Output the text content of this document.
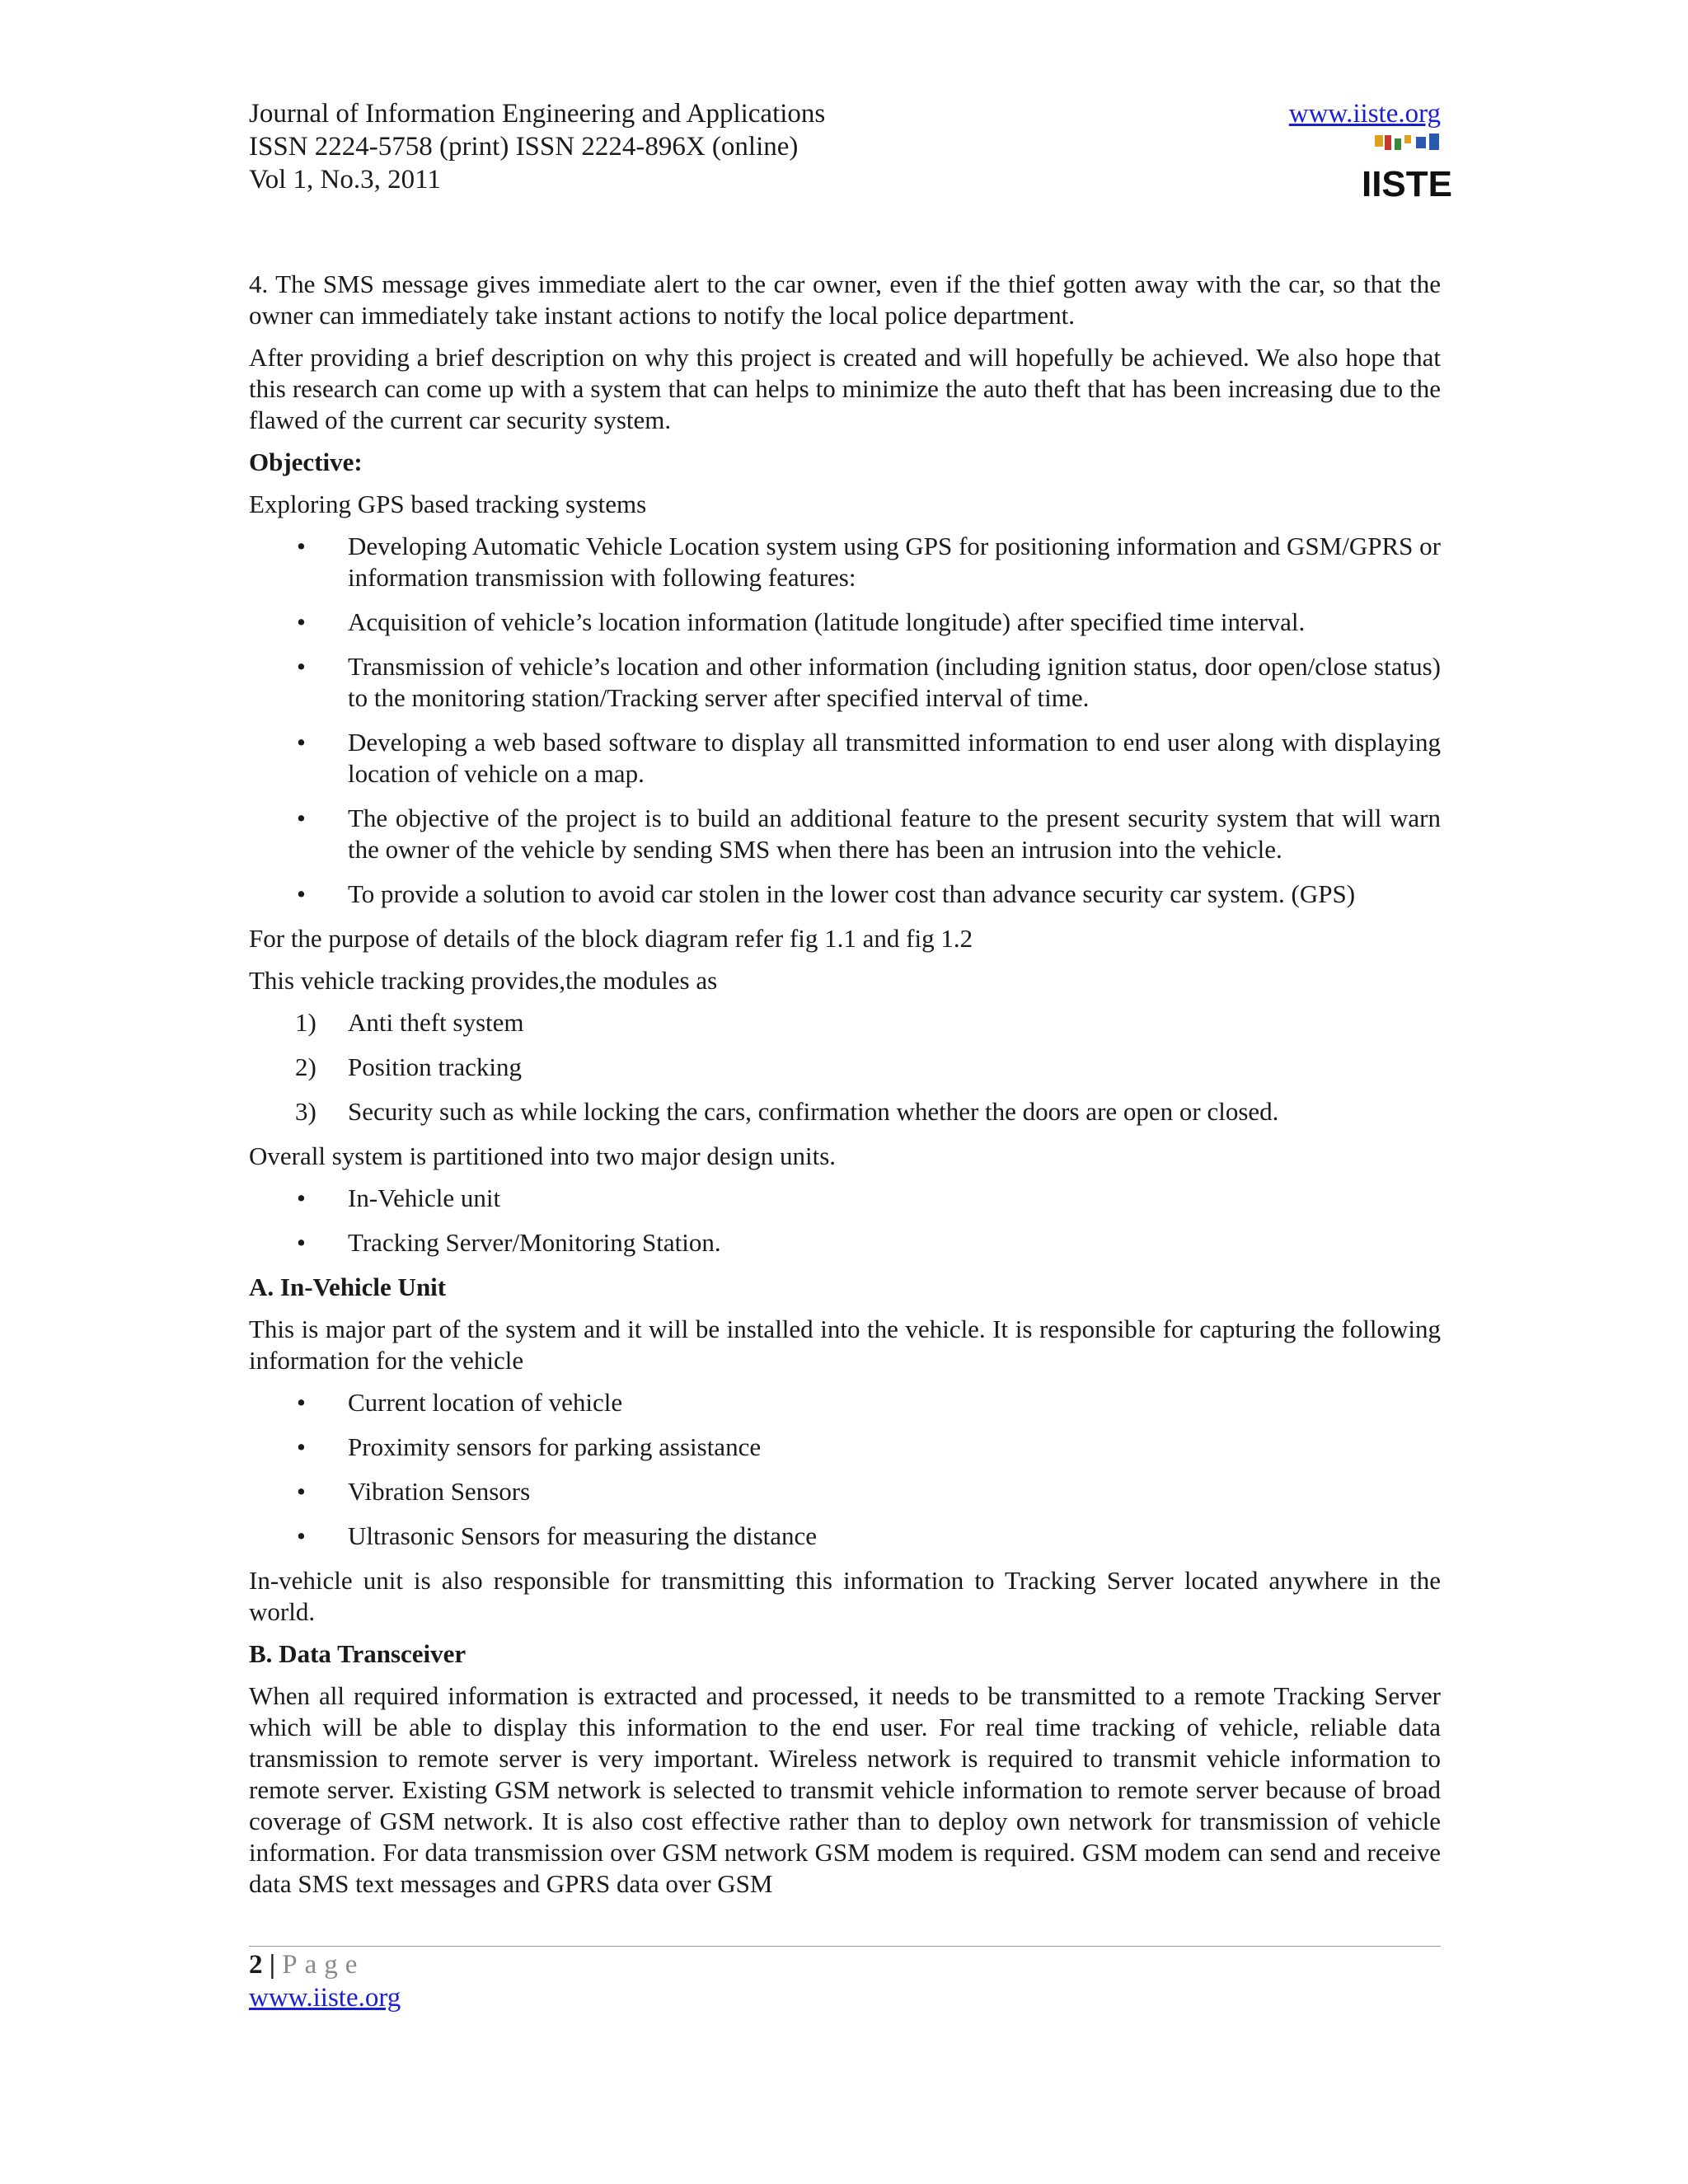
Journal of Information Engineering and Applications
ISSN 2224-5758 (print) ISSN 2224-896X (online)
Vol 1, No.3, 2011
www.iiste.org
IISTE

4. The SMS message gives immediate alert to the car owner, even if the thief gotten away with the car, so that the owner can immediately take instant actions to notify the local police department.

After providing a brief description on why this project is created and will hopefully be achieved. We also hope that this research can come up with a system that can helps to minimize the auto theft that has been increasing due to the flawed of the current car security system.

Objective:

Exploring GPS based tracking systems

• Developing Automatic Vehicle Location system using GPS for positioning information and GSM/GPRS or information transmission with following features:
• Acquisition of vehicle’s location information (latitude longitude) after specified time interval.
• Transmission of vehicle’s location and other information (including ignition status, door open/close status) to the monitoring station/Tracking server after specified interval of time.
• Developing a web based software to display all transmitted information to end user along with displaying location of vehicle on a map.
• The objective of the project is to build an additional feature to the present security system that will warn the owner of the vehicle by sending SMS when there has been an intrusion into the vehicle.
• To provide a solution to avoid car stolen in the lower cost than advance security car system. (GPS)

For the purpose of details of the block diagram refer fig 1.1 and fig 1.2

This vehicle tracking provides,the modules as

1) Anti theft system
2) Position tracking
3) Security such as while locking the cars, confirmation whether the doors are open or closed.

Overall system is partitioned into two major design units.

• In-Vehicle unit
• Tracking Server/Monitoring Station.
A. In-Vehicle Unit

This is major part of the system and it will be installed into the vehicle. It is responsible for capturing the following information for the vehicle

• Current location of vehicle
• Proximity sensors for parking assistance
• Vibration Sensors
• Ultrasonic Sensors for measuring the distance

In-vehicle unit is also responsible for transmitting this information to Tracking Server located anywhere in the world.

B. Data Transceiver

When all required information is extracted and processed, it needs to be transmitted to a remote Tracking Server which will be able to display this information to the end user. For real time tracking of vehicle, reliable data transmission to remote server is very important. Wireless network is required to transmit vehicle information to remote server. Existing GSM network is selected to transmit vehicle information to remote server because of broad coverage of GSM network. It is also cost effective rather than to deploy own network for transmission of vehicle information. For data transmission over GSM network GSM modem is required. GSM modem can send and receive data SMS text messages and GPRS data over GSM

2 | Page
www.iiste.org
